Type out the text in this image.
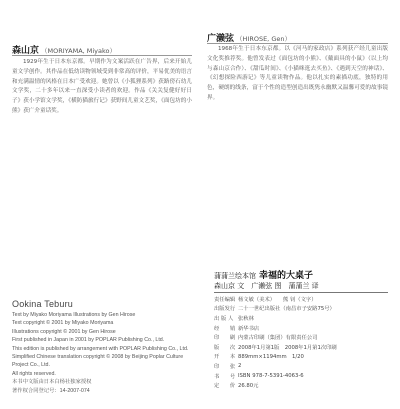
森山京 （MORIYAMA, Miyako）
1929年生于日本东京都。早期作为文案活跃在广告界，后来开始儿童文学创作。其作品在低幼读物领域受到非常高的评价，平易优美的语言和充满温情的风格在日本广受欢迎。她曾以《小狐狸系列》获路傍石幼儿文学奖，二十多年以来一直深受小读者的欢迎。作品《关关复健好好日子》获小学馆文学奖，《横防猫旅行记》获野间儿童文艺奖，《面包坊的小熊》获广介童话奖。
广濑弦 （HIROSE, Gen）
1968年生于日本东京都。以《河马的家政店》系列获产经儿童出版文化奖推荐奖。他曾发表过《面包坊的小熊》、《戴面具的小鼠》（以上均与森山京合作）、《甜瓜时间》、《小猫咪逛去买鱼》、《遇到天空的神话》、《幻想探险西游记》等儿童读物作品。他以扎实的素描功底，独特的用色，硬朗的线条，富于个性的造型创造出既隽永幽默又温馨可爱的故事镜界。
Ookina Teburu
Text by Miyako Moriyama Illustrations by Gen Hirose
Text copyright © 2001 by Miyako Moriyama
Illustrations copyright © 2001 by Gen Hirose
First published in Japan in 2001 by POPLAR Publishing Co., Ltd.
This edition is published by arrangement with POPLAR Publishing Co., Ltd.
Simplified Chinese translation copyright © 2008 by Beijing Poplar Culture
Project Co., Ltd.
All rights reserved.
本书中文版由日本白杨社独家授权
著作权合同登记号：14-2007-074
蒲蒲兰绘本馆 幸福的大桌子
森山京 文　广濑弦 图　蒲蒲兰 译
责任编辑	杨文敏（美术）　　熊 钊（文字）
出版发行	二十一世纪出版社（南昌市子安路75号）
出 版 人	张秋林
经　　销	新华书店
印　　刷	内蒙古印刷（集团）有限责任公司
版　　次	2008年1月第1版　2008年1月第1次印刷
开　　本	889mm×1194mm　1/20
印　　张	2
书　　号	ISBN 978-7-5391-4063-6
定　　价	26.80元
